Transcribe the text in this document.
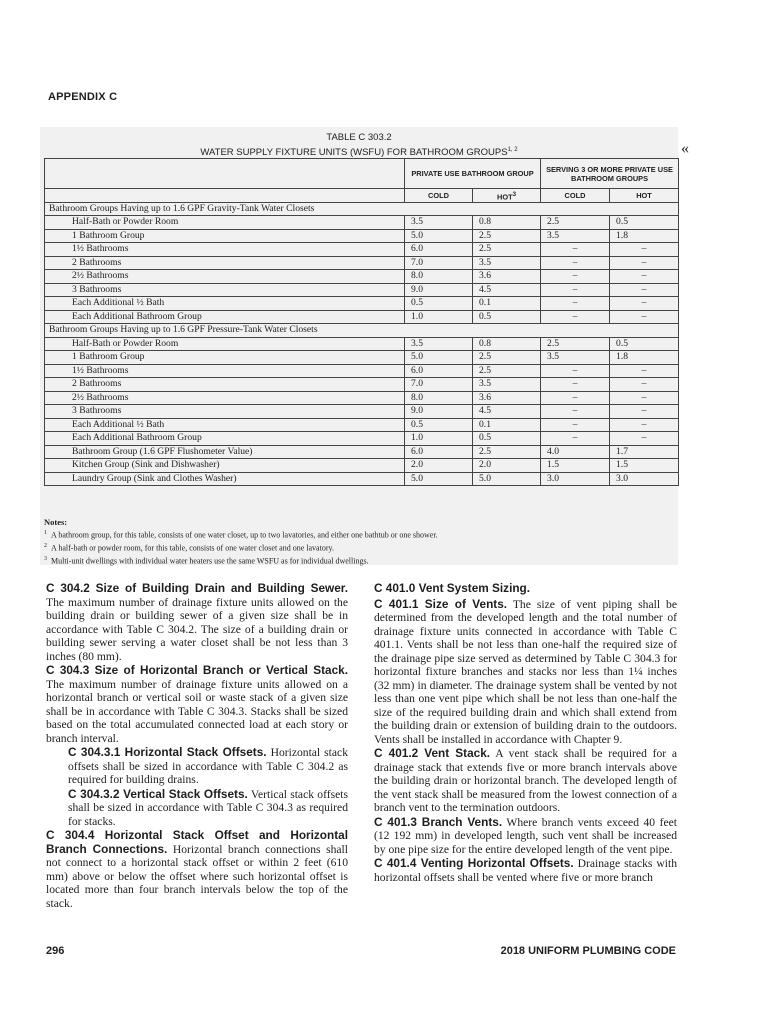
APPENDIX C
TABLE C 303.2
WATER SUPPLY FIXTURE UNITS (WSFU) FOR BATHROOM GROUPS$^{1, 2}$	«
	PRIVATE USE BATHROOM GROUP		SERVING 3 OR MORE PRIVATE USE BATHROOM GROUPS	
	COLD	HOT$^3$	COLD	HOT
Bathroom Groups Having up to 1.6 GPF Gravity-Tank Water Closets				
Half-Bath or Powder Room	3.5	0.8	2.5	0.5
1 Bathroom Group	5.0	2.5	3.5	1.8
1½ Bathrooms	6.0	2.5	–	–
2 Bathrooms	7.0	3.5	–	–
2½ Bathrooms	8.0	3.6	–	–
3 Bathrooms	9.0	4.5	–	–
Each Additional ½ Bath	0.5	0.1	–	–
Each Additional Bathroom Group	1.0	0.5	–	–
Bathroom Groups Having up to 1.6 GPF Pressure-Tank Water Closets				
Half-Bath or Powder Room	3.5	0.8	2.5	0.5
1 Bathroom Group	5.0	2.5	3.5	1.8
1½ Bathrooms	6.0	2.5	–	–
2 Bathrooms	7.0	3.5	–	–
2½ Bathrooms	8.0	3.6	–	–
3 Bathrooms	9.0	4.5	–	–
Each Additional ½ Bath	0.5	0.1	–	–
Each Additional Bathroom Group	1.0	0.5	–	–
Bathroom Group (1.6 GPF Flushometer Value)	6.0	2.5	4.0	1.7
Kitchen Group (Sink and Dishwasher)	2.0	2.0	1.5	1.5
Laundry Group (Sink and Clothes Washer)	5.0	5.0	3.0	3.0
Notes:
$^1$ A bathroom group, for this table, consists of one water closet, up to two lavatories, and either one bathtub or one shower.
$^2$ A half-bath or powder room, for this table, consists of one water closet and one lavatory.
$^3$ Multi-unit dwellings with individual water heaters use the same WSFU as for individual dwellings.

C 304.2 Size of Building Drain and Building Sewer. The maximum number of drainage fixture units allowed on the building drain or building sewer of a given size shall be in accordance with Table C 304.2. The size of a building drain or building sewer serving a water closet shall be not less than 3 inches (80 mm).

C 304.3 Size of Horizontal Branch or Vertical Stack. The maximum number of drainage fixture units allowed on a horizontal branch or vertical soil or waste stack of a given size shall be in accordance with Table C 304.3. Stacks shall be sized based on the total accumulated connected load at each story or branch interval.

C 304.3.1 Horizontal Stack Offsets. Horizontal stack offsets shall be sized in accordance with Table C 304.2 as required for building drains.

C 304.3.2 Vertical Stack Offsets. Vertical stack offsets shall be sized in accordance with Table C 304.3 as required for stacks.

C 304.4 Horizontal Stack Offset and Horizontal Branch Connections. Horizontal branch connections shall not connect to a horizontal stack offset or within 2 feet (610 mm) above or below the offset where such horizontal offset is located more than four branch intervals below the top of the stack.

C 401.0 Vent System Sizing.

C 401.1 Size of Vents. The size of vent piping shall be determined from the developed length and the total number of drainage fixture units connected in accordance with Table C 401.1. Vents shall be not less than one-half the required size of the drainage pipe size served as determined by Table C 304.3 for horizontal fixture branches and stacks nor less than 1¼ inches (32 mm) in diameter. The drainage system shall be vented by not less than one vent pipe which shall be not less than one-half the size of the required building drain and which shall extend from the building drain or extension of building drain to the outdoors. Vents shall be installed in accordance with Chapter 9.

C 401.2 Vent Stack. A vent stack shall be required for a drainage stack that extends five or more branch intervals above the building drain or horizontal branch. The developed length of the vent stack shall be measured from the lowest connection of a branch vent to the termination outdoors.

C 401.3 Branch Vents. Where branch vents exceed 40 feet (12 192 mm) in developed length, such vent shall be increased by one pipe size for the entire developed length of the vent pipe.

C 401.4 Venting Horizontal Offsets. Drainage stacks with horizontal offsets shall be vented where five or more branch

296	2018 UNIFORM PLUMBING CODE
